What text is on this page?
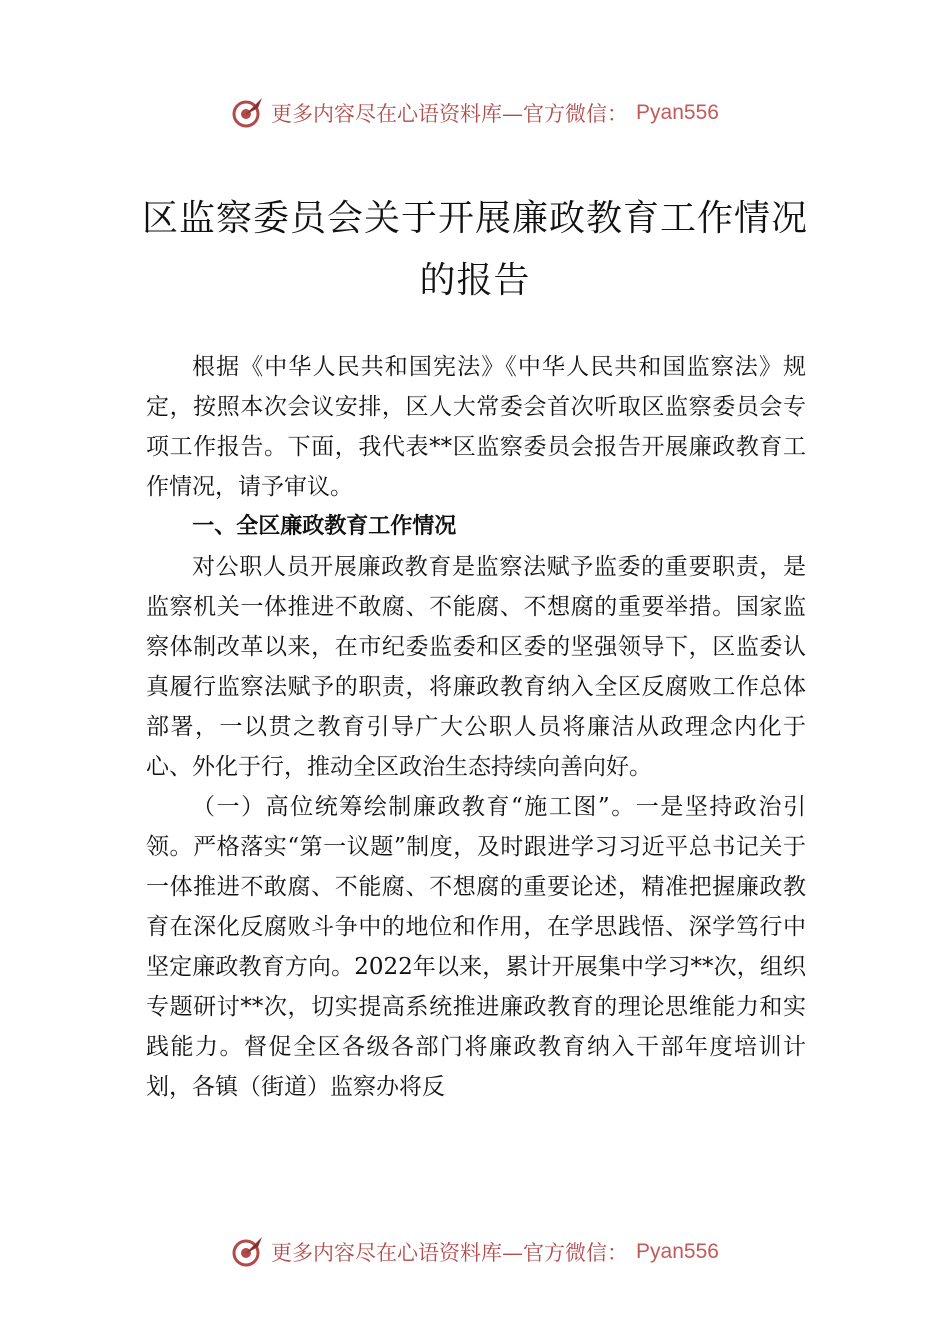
更多内容尽在心语资料库—官方微信： Pyan556
区监察委员会关于开展廉政教育工作情况
的报告

根据《中华人民共和国宪法》《中华人民共和国监察法》规定，按照本次会议安排，区人大常委会首次听取区监察委员会专项工作报告。下面，我代表**区监察委员会报告开展廉政教育工作情况，请予审议。

一、全区廉政教育工作情况

对公职人员开展廉政教育是监察法赋予监委的重要职责，是监察机关一体推进不敢腐、不能腐、不想腐的重要举措。国家监察体制改革以来，在市纪委监委和区委的坚强领导下，区监委认真履行监察法赋予的职责，将廉政教育纳入全区反腐败工作总体部署，一以贯之教育引导广大公职人员将廉洁从政理念内化于心、外化于行，推动全区政治生态持续向善向好。

（一）高位统筹绘制廉政教育“施工图”。一是坚持政治引领。严格落实“第一议题”制度，及时跟进学习习近平总书记关于一体推进不敢腐、不能腐、不想腐的重要论述，精准把握廉政教育在深化反腐败斗争中的地位和作用，在学思践悟、深学笃行中坚定廉政教育方向。2022年以来，累计开展集中学习**次，组织专题研讨**次，切实提高系统推进廉政教育的理论思维能力和实践能力。督促全区各级各部门将廉政教育纳入干部年度培训计划，各镇（街道）监察办将反

更多内容尽在心语资料库—官方微信： Pyan556
